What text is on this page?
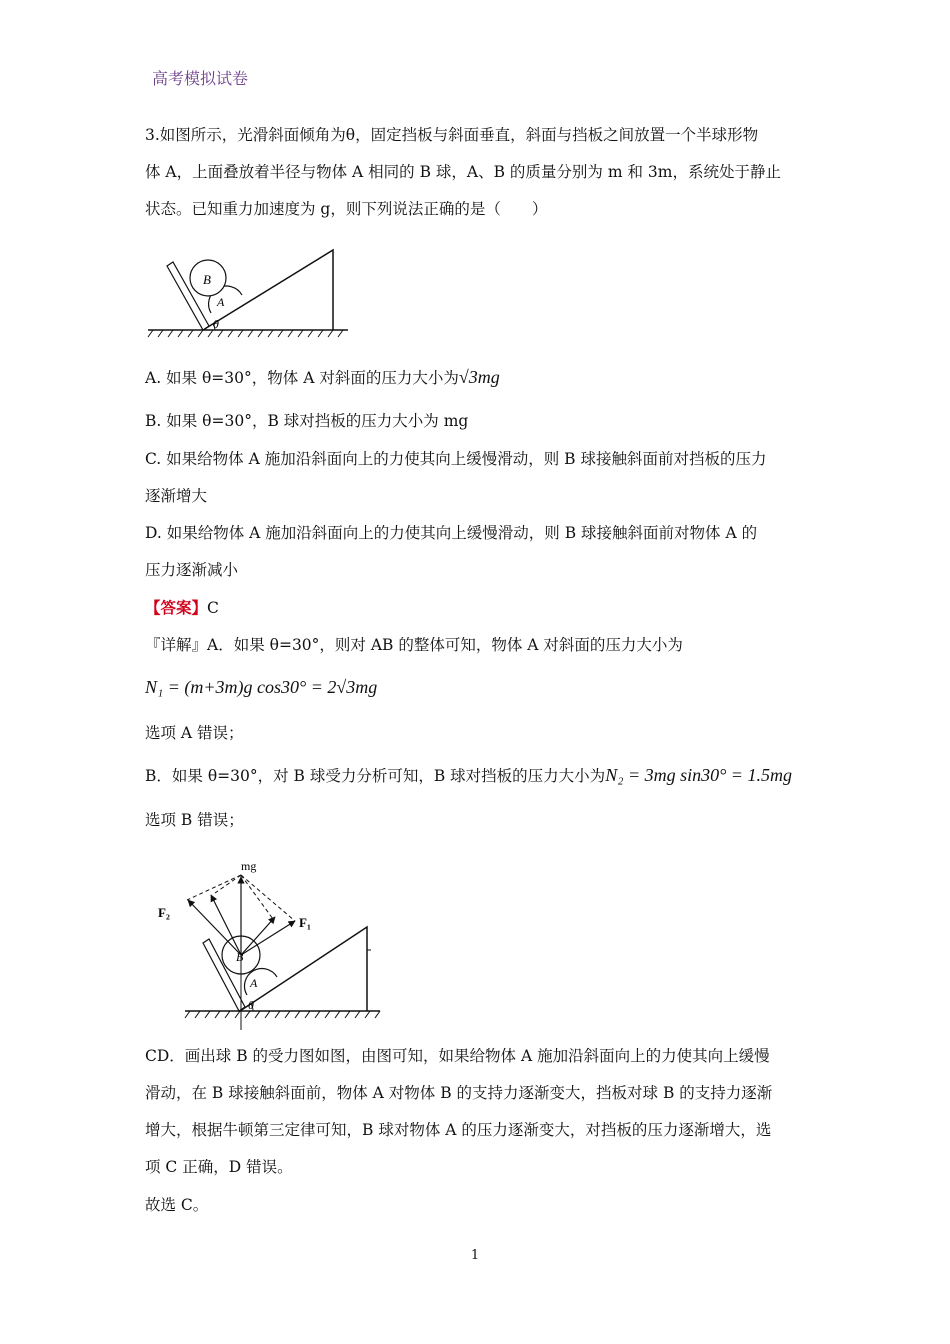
高考模拟试卷
3.如图所示，光滑斜面倾角为θ，固定挡板与斜面垂直，斜面与挡板之间放置一个半球形物
体 A，上面叠放着半径与物体 A 相同的 B 球，A、B 的质量分别为 m 和 3m，系统处于静止
状态。已知重力加速度为 g，则下列说法正确的是（　　）
B
A
θ
A. 如果 θ=30°，物体 A 对斜面的压力大小为√3mg
B. 如果 θ=30°，B 球对挡板的压力大小为 mg
C. 如果给物体 A 施加沿斜面向上的力使其向上缓慢滑动，则 B 球接触斜面前对挡板的压力
逐渐增大
D. 如果给物体 A 施加沿斜面向上的力使其向上缓慢滑动，则 B 球接触斜面前对物体 A 的
压力逐渐减小
【答案】C
『详解』A．如果 θ=30°，则对 AB 的整体可知，物体 A 对斜面的压力大小为
N₁ = (m+3m)g cos30° = 2√3mg
选项 A 错误；
B．如果 θ=30°，对 B 球受力分析可知，B 球对挡板的压力大小为N₂ = 3mg sin30° = 1.5mg
选项 B 错误；
mg
F₁
F₂
B
A
θ
CD．画出球 B 的受力图如图，由图可知，如果给物体 A 施加沿斜面向上的力使其向上缓慢
滑动，在 B 球接触斜面前，物体 A 对物体 B 的支持力逐渐变大，挡板对球 B 的支持力逐渐
增大，根据牛顿第三定律可知，B 球对物体 A 的压力逐渐变大，对挡板的压力逐渐增大，选
项 C 正确，D 错误。
故选 C。
1
